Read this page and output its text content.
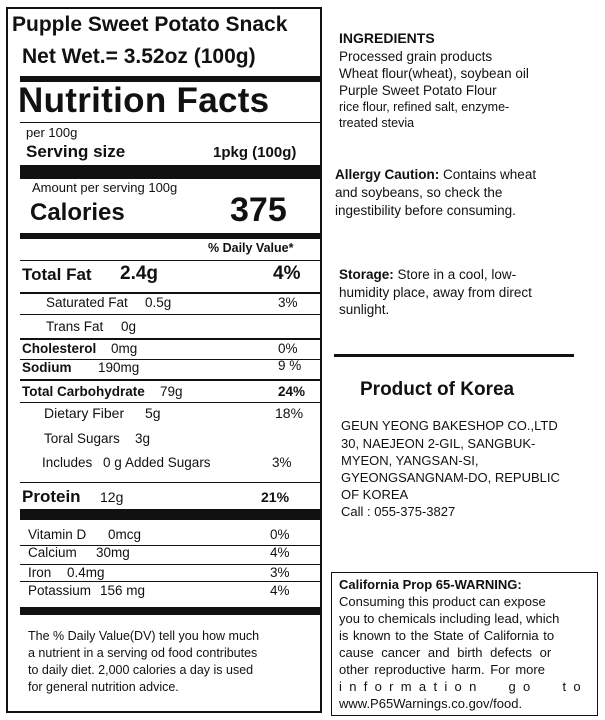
Pupple Sweet Potato Snack
Net Wet.= 3.52oz (100g)
Nutrition Facts
per 100g
Serving size	1pkg (100g)
Amount per serving 100g
Calories	375
% Daily Value*
Total Fat 2.4g	4%
Saturated Fat 0.5g	3%
Trans Fat 0g
Cholesterol 0mg	0%
Sodium 190mg	9 %
Total Carbohydrate 79g	24%
Dietary Fiber 5g	18%
Toral Sugars 3g
Includes 0 g Added Sugars	3%
Protein 12g	21%
Vitamin D 0mcg	0%
Calcium 30mg	4%
Iron 0.4mg	3%
Potassium 156 mg	4%
The % Daily Value(DV) tell you how much
a nutrient in a serving od food contributes
to daily diet. 2,000 calories a day is used
for general nutrition advice.
INGREDIENTS
Processed grain products
Wheat flour(wheat), soybean oil
Purple Sweet Potato Flour
rice flour, refined salt, enzyme-
treated stevia
Allergy Caution: Contains wheat
and soybeans, so check the
ingestibility before consuming.
Storage: Store in a cool, low-
humidity place, away from direct
sunlight.
Product of Korea
GEUN YEONG BAKESHOP CO.,LTD
30, NAEJEON 2-GIL, SANGBUK-
MYEON, YANGSAN-SI,
GYEONGSANGNAM-DO, REPUBLIC
OF KOREA
Call : 055-375-3827
California Prop 65-WARNING:
Consuming this product can expose
you to chemicals including lead, which
is known to the State of California to
cause cancer and birth defects or
other reproductive harm. For more
information go to
www.P65Warnings.co.gov/food.
